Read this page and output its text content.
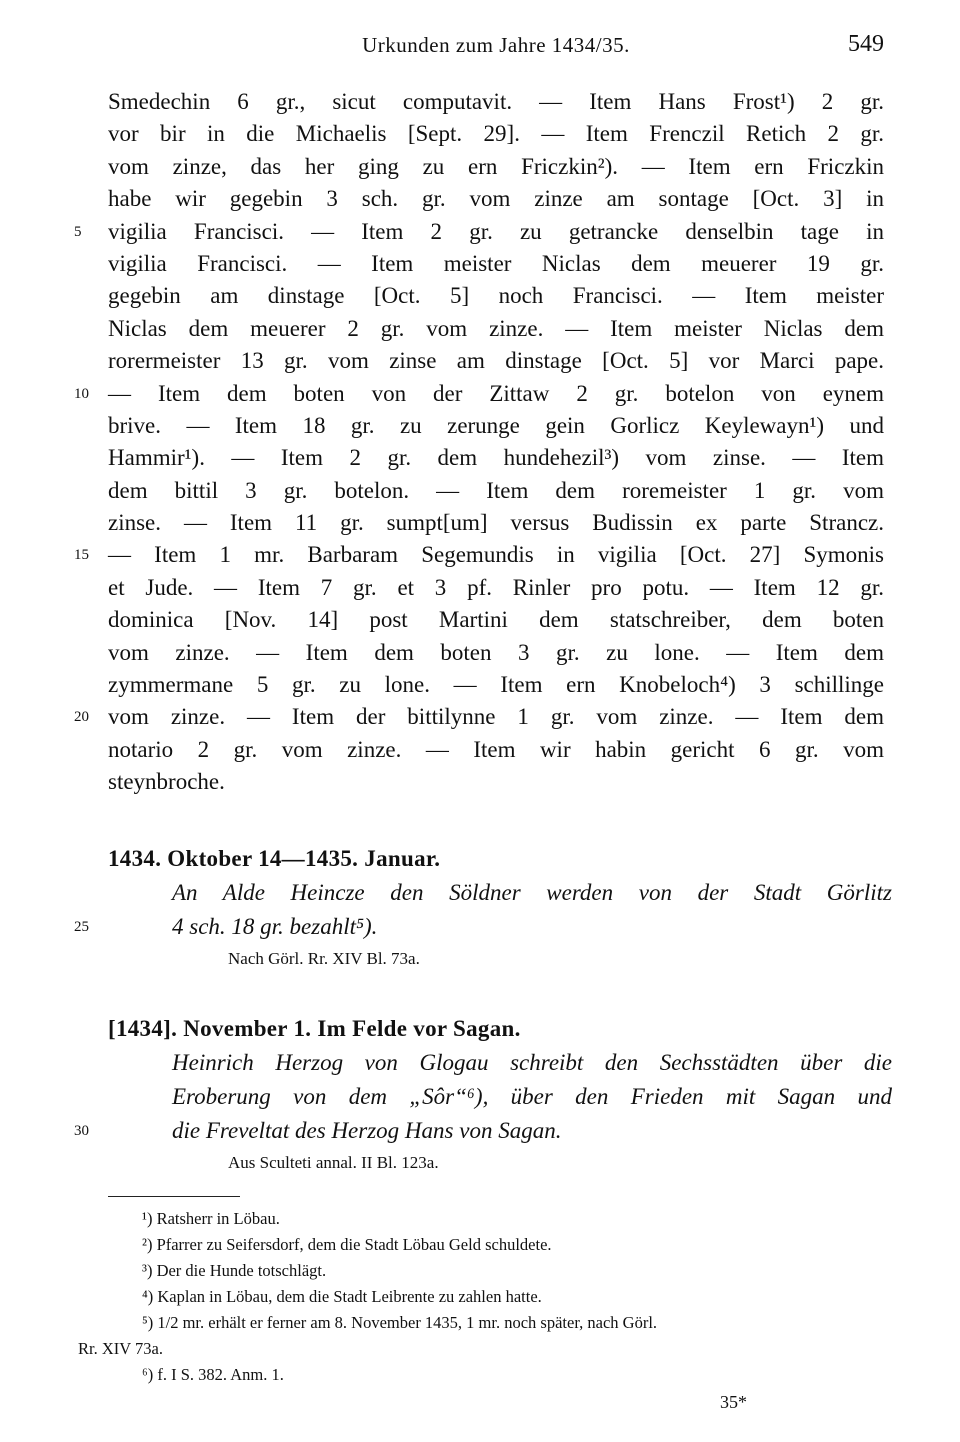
Urkunden zum Jahre 1434/35.	549
Smedechin 6 gr., sicut computavit. — Item Hans Frost¹) 2 gr.
vor bir in die Michaelis [Sept. 29]. — Item Frenczil Retich 2 gr.
vom zinze, das her ging zu ern Friczkin²). — Item ern Friczkin
habe wir gegebin 3 sch. gr. vom zinze am sontage [Oct. 3] in
5	vigilia Francisci. — Item 2 gr. zu getrancke denselbin tage in
vigilia Francisci. — Item meister Niclas dem meuerer 19 gr.
gegebin am dinstage [Oct. 5] noch Francisci. — Item meister
Niclas dem meuerer 2 gr. vom zinze. — Item meister Niclas dem
rorermeister 13 gr. vom zinse am dinstage [Oct. 5] vor Marci pape.
10 — Item dem boten von der Zittaw 2 gr. botelon von eynem
brive. — Item 18 gr. zu zerunge gein Gorlicz Keylewayn¹) und
Hammir¹). — Item 2 gr. dem hundehezil³) vom zinse. — Item
dem bittil 3 gr. botelon. — Item dem roremeister 1 gr. vom
zinse. — Item 11 gr. sumpt[um] versus Budissin ex parte Strancz.
15 — Item 1 mr. Barbaram Segemundis in vigilia [Oct. 27] Symonis
et Jude. — Item 7 gr. et 3 pf. Rinler pro potu. — Item 12 gr.
dominica [Nov. 14] post Martini dem statschreiber, dem boten
vom zinze. — Item dem boten 3 gr. zu lone. — Item dem
zymmermane 5 gr. zu lone. — Item ern Knobeloch⁴) 3 schillinge
20 vom zinze. — Item der bittilynne 1 gr. vom zinze. — Item dem
notario 2 gr. vom zinze. — Item wir habin gericht 6 gr. vom
steynbroche.
1434. Oktober 14—1435. Januar.
An Alde Heincze den Söldner werden von der Stadt Görlitz
25	4 sch. 18 gr. bezahlt⁵).
Nach Görl. Rr. XIV Bl. 73a.
[1434]. November 1. Im Felde vor Sagan.
Heinrich Herzog von Glogau schreibt den Sechsstädten über die
Eroberung von dem „Sôr“⁶), über den Frieden mit Sagan und
30	die Freveltat des Herzog Hans von Sagan.
Aus Sculteti annal. II Bl. 123a.
¹) Ratsherr in Löbau.
²) Pfarrer zu Seifersdorf, dem die Stadt Löbau Geld schuldete.
³) Der die Hunde totschlägt.
⁴) Kaplan in Löbau, dem die Stadt Leibrente zu zahlen hatte.
⁵) 1/2 mr. erhält er ferner am 8. November 1435, 1 mr. noch später, nach Görl.
Rr. XIV 73a.
⁶) f. I S. 382. Anm. 1.
35*
